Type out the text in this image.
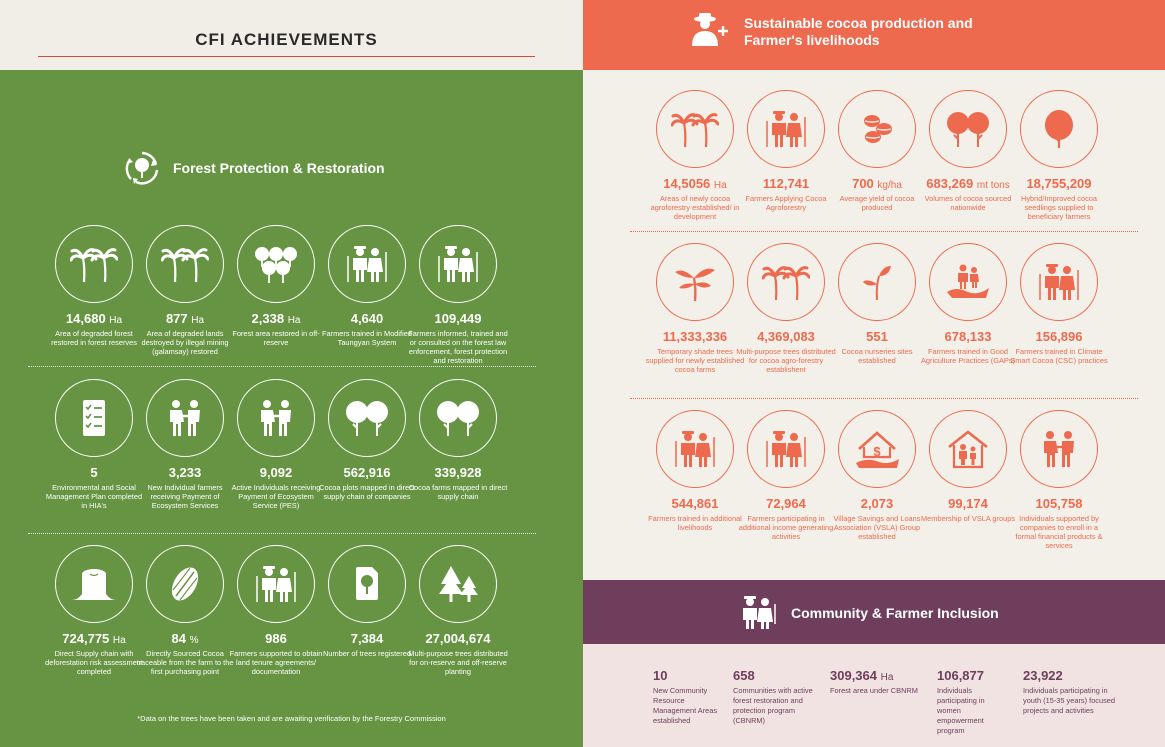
CFI ACHIEVEMENTS
Forest Protection & Restoration
14,680 Ha
Area of degraded forest restored in forest reserves
877 Ha
Area of degraded lands destroyed by illegal mining (galamsay) restored
2,338 Ha
Forest area restored in off-reserve
4,640
Farmers trained in Modified Taungyan System
109,449
Farmers informed, trained and or consulted on the forest law enforcement, forest protection and restoration
5
Environmental and Social Management Plan completed in HIA's
3,233
New Individual farmers receiving Payment of Ecosystem Services
9,092
Active Individuals receiving Payment of Ecosystem Service (PES)
562,916
Cocoa plots mapped in direct supply chain of companies
339,928
Cocoa farms mapped in direct supply chain
724,775 Ha
Direct Supply chain with deforestation risk assessment completed
84 %
Directly Sourced Cocoa traceable from the farm to the first purchasing point
986
Farmers supported to obtain land tenure agreements/ documentation
7,384
Number of trees registered
27,004,674
Multi-purpose trees distributed for on-reserve and off-reserve planting
*Data on the trees have been taken and are awaiting verification by the Forestry Commission
Sustainable cocoa production and
Farmer's livelihoods
14,5056 Ha
Areas of newly cocoa agroforestry established/ in development
112,741
Farmers Applying Cocoa Agroforestry
700 kg/ha
Average yield of cocoa produced
683,269 mt tons
Volumes of cocoa sourced nationwide
18,755,209
Hybrid/Improved cocoa seedlings supplied to beneficiary farmers
11,333,336
Temporary shade trees supplied for newly established cocoa farms
4,369,083
Multi-purpose trees distributed for cocoa agro-forestry establishent
551
Cocoa nurseries sites established
678,133
Farmers trained in Good Agriculture Practices (GAPs)
156,896
Farmers trained in Climate Smart Cocoa (CSC) practices
544,861
Farmers trained in additional livelihoods
72,964
Farmers participating in additional income generating activities
$
2,073
Village Savings and Loans Association (VSLA) Group established
99,174
Membership of VSLA groups
105,758
Individuals supported by companies to enroll in a formal financial products & services
Community & Farmer Inclusion
10
New Community Resource Management Areas established
658
Communities with active forest restoration and protection program (CBNRM)
309,364 Ha
Forest area under CBNRM
106,877
Individuals participating in women empowerment program
23,922
Individuals participating in youth (15-35 years) focused projects and activities
